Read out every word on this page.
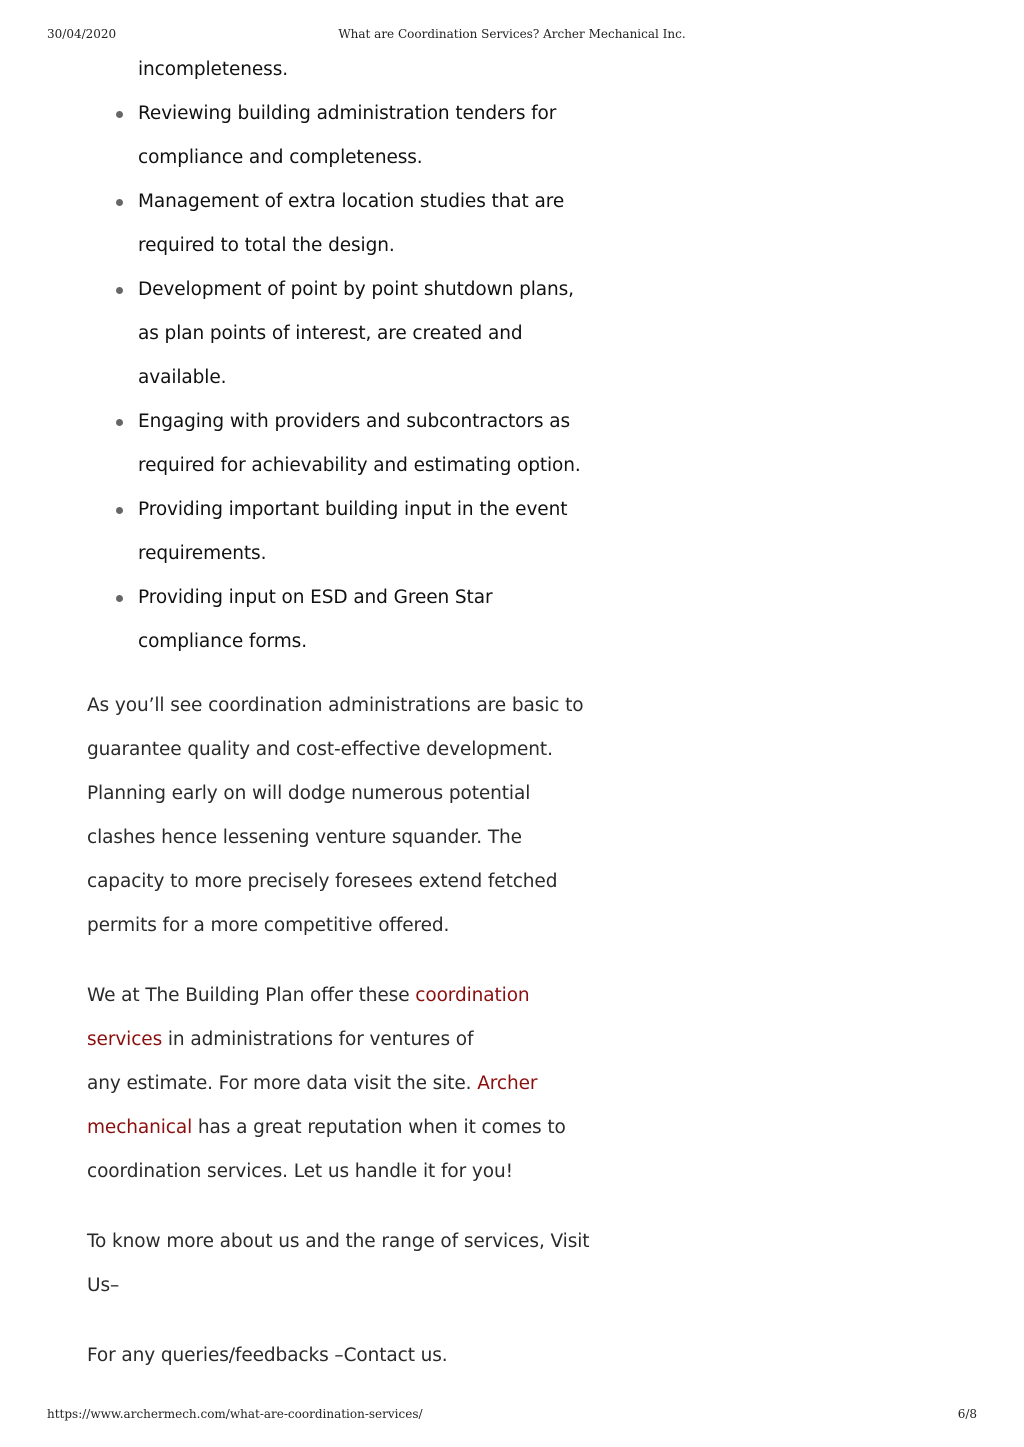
30/04/2020	What are Coordination Services? Archer Mechanical Inc.
incompleteness.
Reviewing building administration tenders for
compliance and completeness.
Management of extra location studies that are
required to total the design.
Development of point by point shutdown plans,
as plan points of interest, are created and
available.
Engaging with providers and subcontractors as
required for achievability and estimating option.
Providing important building input in the event
requirements.
Providing input on ESD and Green Star
compliance forms.

As you’ll see coordination administrations are basic to
guarantee quality and cost-effective development.
Planning early on will dodge numerous potential
clashes hence lessening venture squander. The
capacity to more precisely foresees extend fetched
permits for a more competitive offered.

We at The Building Plan offer these coordination
services in administrations for ventures of
any estimate. For more data visit the site. Archer
mechanical has a great reputation when it comes to
coordination services. Let us handle it for you!

To know more about us and the range of services, Visit
Us–

For any queries/feedbacks –Contact us.

https://www.archermech.com/what-are-coordination-services/	6/8
